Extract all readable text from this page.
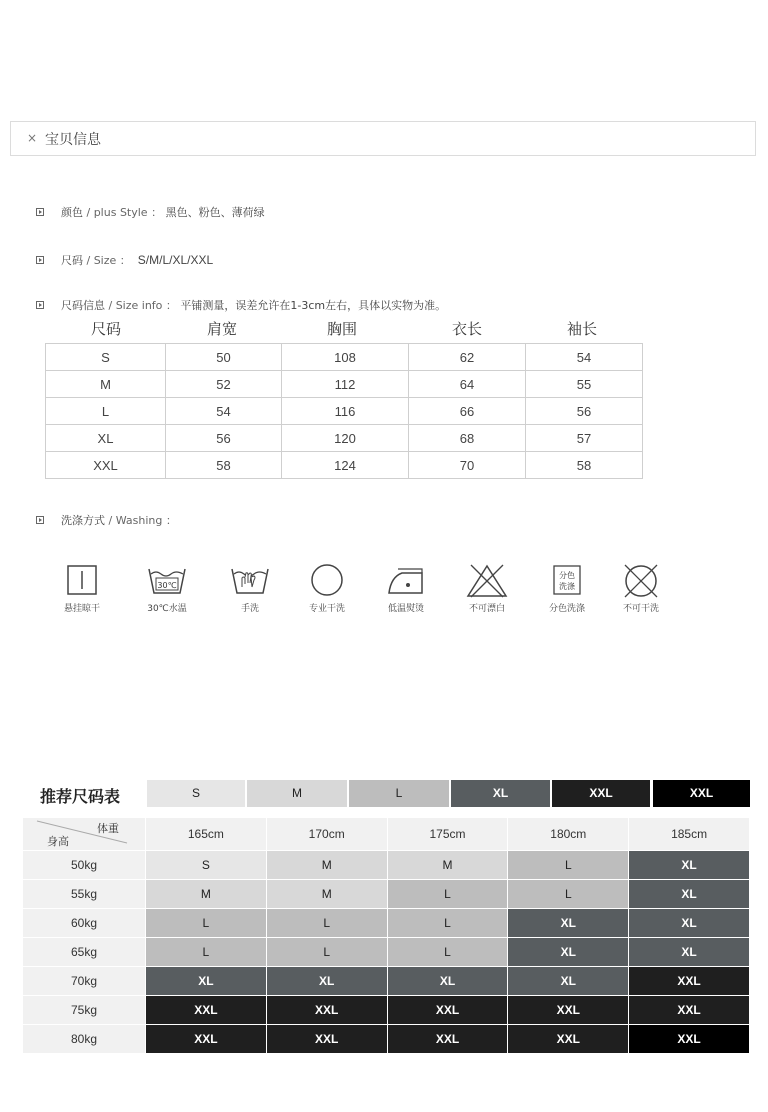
× 宝贝信息
颜色 / plus Style ： 黑色、粉色、薄荷绿
尺码 / Size ：  S/M/L/XL/XXL
尺码信息 / Size info ： 平铺测量，误差允许在1-3cm左右，具体以实物为准。
尺码	肩宽	胸围	衣长	袖长
S	50	108	62	54
M	52	112	64	55
L	54	116	66	56
XL	56	120	68	57
XXL	58	124	70	58
洗涤方式 / Washing ：
悬挂晾干
30℃
30℃水温	手洗	专业干洗	低温熨烫	不可漂白
分色
洗涤
分色洗涤	不可干洗
推荐尺码表	S	M	L	XL	XXL	XXL
体重
身高	165cm	170cm	175cm	180cm	185cm
50kg	S	M	M	L	XL
55kg	M	M	L	L	XL
60kg	L	L	L	XL	XL
65kg	L	L	L	XL	XL
70kg	XL	XL	XL	XL	XXL
75kg	XXL	XXL	XXL	XXL	XXL
80kg	XXL	XXL	XXL	XXL	XXL
